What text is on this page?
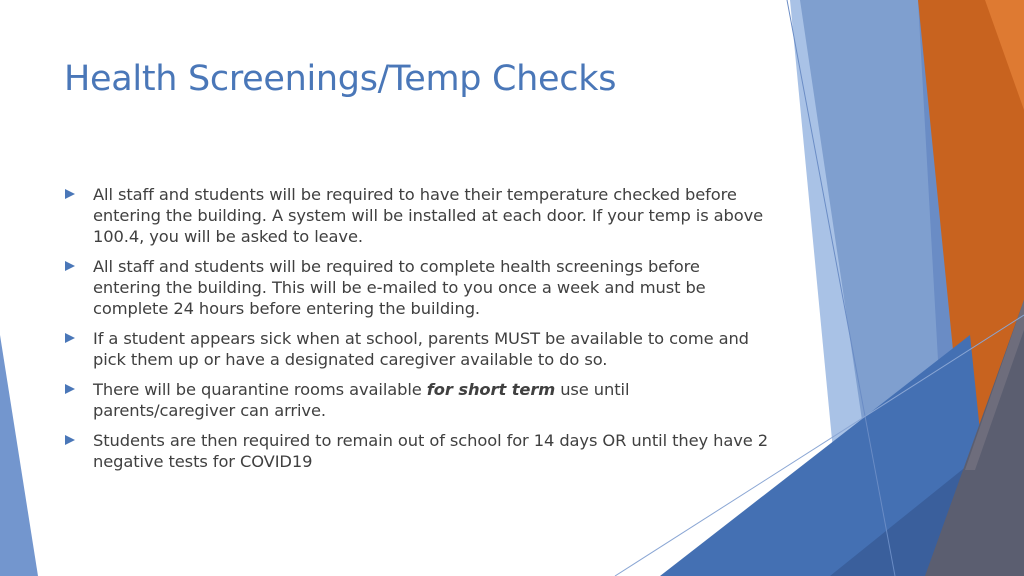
Health Screenings/Temp Checks
All staff and students will be required to have their temperature checked before entering the building. A system will be installed at each door. If your temp is above 100.4, you will be asked to leave.
All staff and students will be required to complete health screenings before entering the building. This will be e-mailed to you once a week and must be complete 24 hours before entering the building.
If a student appears sick when at school, parents MUST be available to come and pick them up or have a designated caregiver available to do so.
There will be quarantine rooms available for short term use until parents/caregiver can arrive.
Students are then required to remain out of school for 14 days OR until they have 2 negative tests for COVID19
